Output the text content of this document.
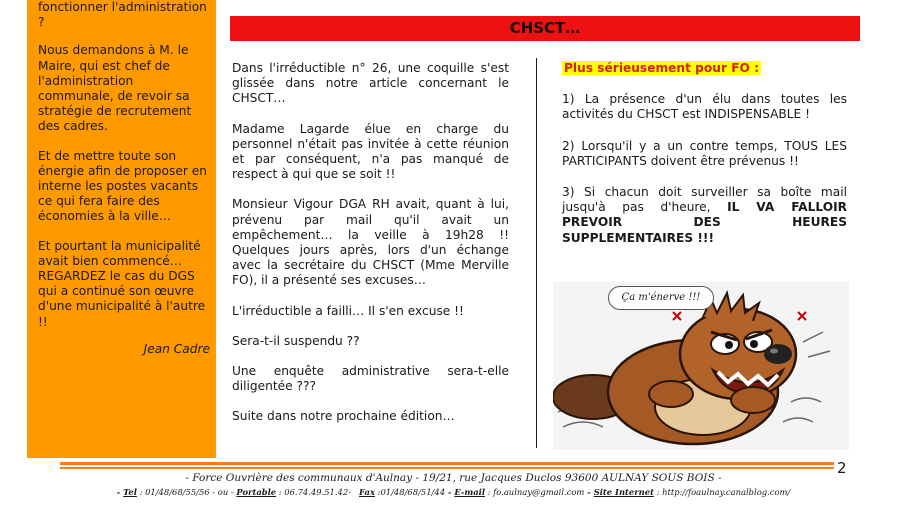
fonctionner l'administration ?

Nous demandons à M. le Maire, qui est chef de l'administration communale, de revoir sa stratégie de recrutement des cadres.

Et de mettre toute son énergie afin de proposer en interne les postes vacants ce qui fera faire des économies à la ville…

Et pourtant la municipalité avait bien commencé… REGARDEZ le cas du DGS qui a continué son œuvre d'une municipalité à l'autre !!

Jean Cadre

CHSCT…

Dans l'irréductible n° 26, une coquille s'est glissée dans notre article concernant le CHSCT…

Madame Lagarde élue en charge du personnel n'était pas invitée à cette réunion et par conséquent, n'a pas manqué de respect à qui que se soit !!

Monsieur Vigour DGA RH avait, quant à lui, prévenu par mail qu'il avait un empêchement… la veille à 19h28 !! Quelques jours après, lors d'un échange avec la secrétaire du CHSCT (Mme Merville FO), il a présenté ses excuses…

L'irréductible a failli… Il s'en excuse !!

Sera-t-il suspendu ??

Une enquête administrative sera-t-elle diligentée ???

Suite dans notre prochaine édition…

Plus sérieusement pour FO :

1) La présence d'un élu dans toutes les activités du CHSCT est INDISPENSABLE !

2) Lorsqu'il y a un contre temps, TOUS LES PARTICIPANTS doivent être prévenus !!

3) Si chacun doit surveiller sa boîte mail jusqu'à pas d'heure, IL VA FALLOIR PREVOIR DES HEURES SUPPLEMENTAIRES !!!

Ça m'énerve !!!
2
- Force Ouvrière des communaux d'Aulnay - 19/21, rue Jacques Duclos 93600 AULNAY SOUS BOIS -
- Tel : 01/48/68/55/56 - ou - Portable : 06.74.49.51.42- Fax :01/48/68/51/44 - E-mail : fo.aulnay@gmail.com - Site Internet : http://foaulnay.canalblog.com/
